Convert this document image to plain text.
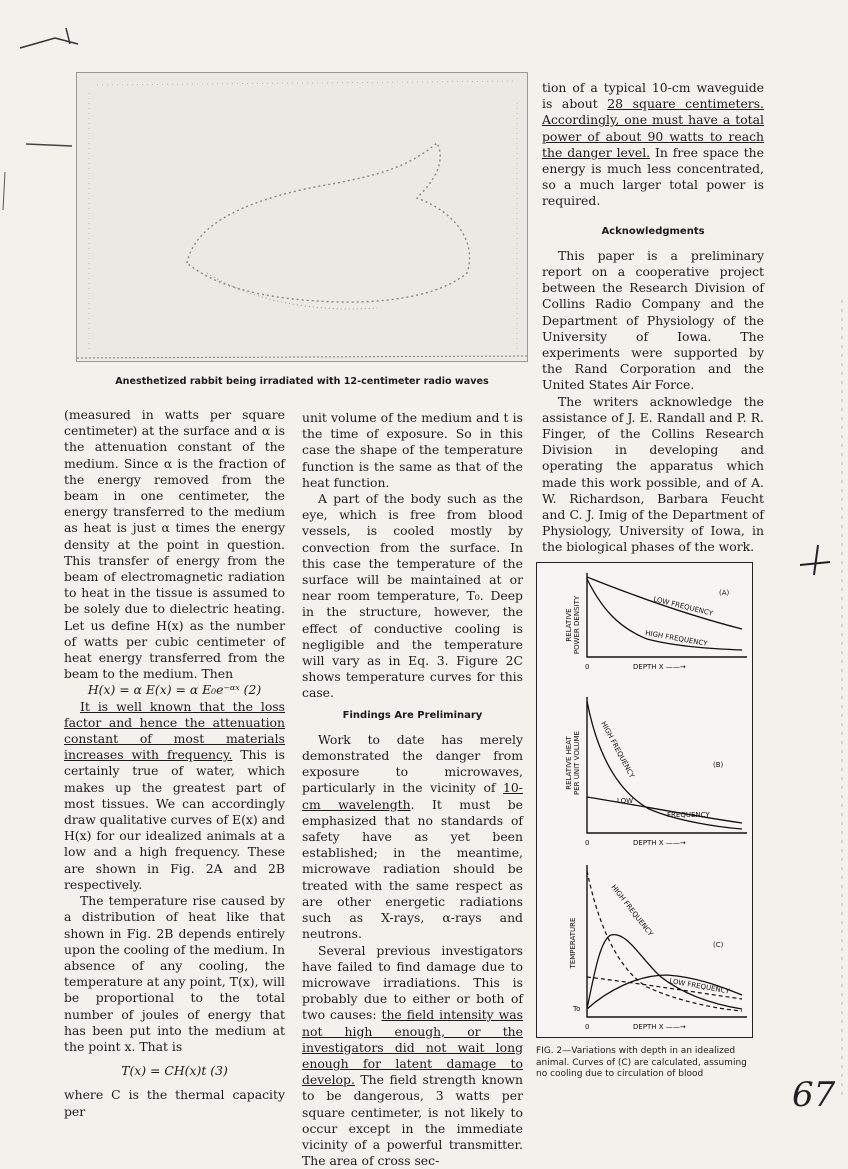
Anesthetized rabbit being irradiated with 12-centimeter radio waves

(measured in watts per square centimeter) at the surface and α is the attenuation constant of the medium. Since α is the fraction of the energy removed from the beam in one centimeter, the energy transferred to the medium as heat is just α times the energy density at the point in question. This transfer of energy from the beam of electromagnetic radiation to heat in the tissue is assumed to be solely due to dielectric heating. Let us define H(x) as the number of watts per cubic centimeter of heat energy transferred from the beam to the medium. Then

H(x) = α E(x) = α E₀e⁻ᵅˣ (2)

It is well known that the loss factor and hence the attenuation constant of most materials increases with frequency. This is certainly true of water, which makes up the greatest part of most tissues. We can accordingly draw qualitative curves of E(x) and H(x) for our idealized animals at a low and a high frequency. These are shown in Fig. 2A and 2B respectively.

The temperature rise caused by a distribution of heat like that shown in Fig. 2B depends entirely upon the cooling of the medium. In absence of any cooling, the temperature at any point, T(x), will be proportional to the total number of joules of energy that has been put into the medium at the point x. That is

T(x) = CH(x)t (3)

where C is the thermal capacity per

unit volume of the medium and t is the time of exposure. So in this case the shape of the temperature function is the same as that of the heat function.

A part of the body such as the eye, which is free from blood vessels, is cooled mostly by convection from the surface. In this case the temperature of the surface will be maintained at or near room temperature, T₀. Deep in the structure, however, the effect of conductive cooling is negligible and the temperature will vary as in Eq. 3. Figure 2C shows temperature curves for this case.

Findings Are Preliminary

Work to date has merely demonstrated the danger from exposure to microwaves, particularly in the vicinity of 10-cm wavelength. It must be emphasized that no standards of safety have as yet been established; in the meantime, microwave radiation should be treated with the same respect as are other energetic radiations such as X-rays, α-rays and neutrons.

Several previous investigators have failed to find damage due to microwave irradiations. This is probably due to either or both of two causes: the field intensity was not high enough, or the investigators did not wait long enough for latent damage to develop. The field strength known to be dangerous, 3 watts per square centimeter, is not likely to occur except in the immediate vicinity of a powerful transmitter. The area of cross sec-

tion of a typical 10-cm waveguide is about 28 square centimeters. Accordingly, one must have a total power of about 90 watts to reach the danger level. In free space the energy is much less concentrated, so a much larger total power is required.

Acknowledgments

This paper is a preliminary report on a cooperative project between the Research Division of Collins Radio Company and the Department of Physiology of the University of Iowa. The experiments were supported by the Rand Corporation and the United States Air Force.

The writers acknowledge the assistance of J. E. Randall and P. R. Finger, of the Collins Research Division in developing and operating the apparatus which made this work possible, and of A. W. Richardson, Barbara Feucht and C. J. Imig of the Department of Physiology, University of Iowa, in the biological phases of the work.

RELATIVE POWER DENSITY
(A)
LOW FREQUENCY
HIGH FREQUENCY
0	DEPTH X ——→
RELATIVE HEAT PER UNIT VOLUME	(B)
HIGH FREQUENCY
LOW
FREQUENCY
0	DEPTH X ——→
TEMPERATURE	(C)
HIGH FREQUENCY
LOW FREQUENCY
To
0	DEPTH X ——→
FIG. 2—Variations with depth in an idealized animal. Curves of (C) are calculated, assuming no cooling due to circulation of blood
67
